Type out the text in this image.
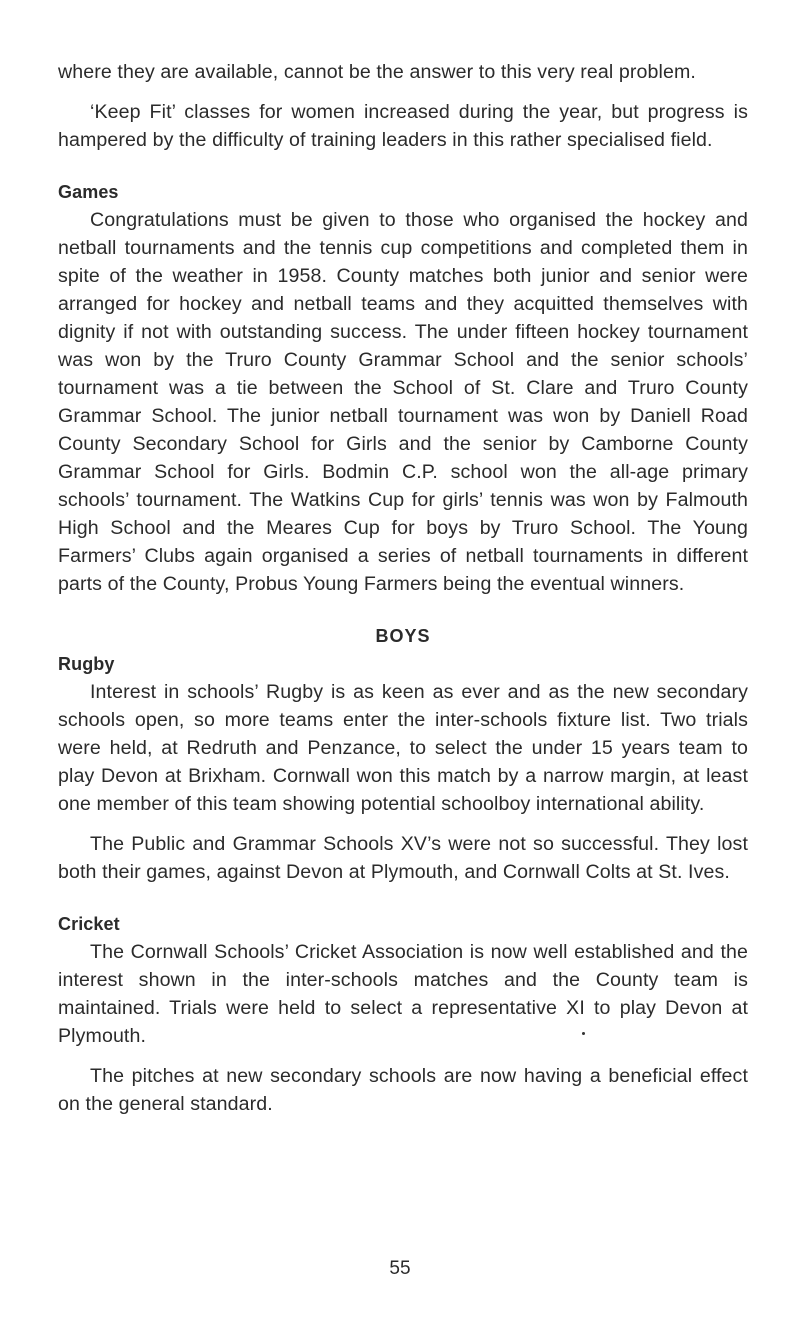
where they are available, cannot be the answer to this very real problem.

‘Keep Fit’ classes for women increased during the year, but progress is hampered by the difficulty of training leaders in this rather specialised field.

Games

Congratulations must be given to those who organised the hockey and netball tournaments and the tennis cup competitions and completed them in spite of the weather in 1958. County matches both junior and senior were arranged for hockey and netball teams and they acquitted themselves with dignity if not with outstanding success. The under fifteen hockey tournament was won by the Truro County Grammar School and the senior schools’ tournament was a tie between the School of St. Clare and Truro County Grammar School. The junior netball tournament was won by Daniell Road County Secondary School for Girls and the senior by Camborne County Grammar School for Girls. Bodmin C.P. school won the all-age primary schools’ tournament. The Watkins Cup for girls’ tennis was won by Falmouth High School and the Meares Cup for boys by Truro School. The Young Farmers’ Clubs again organised a series of netball tournaments in different parts of the County, Probus Young Farmers being the eventual winners.

BOYS
Rugby

Interest in schools’ Rugby is as keen as ever and as the new secondary schools open, so more teams enter the inter-schools fixture list. Two trials were held, at Redruth and Penzance, to select the under 15 years team to play Devon at Brixham. Cornwall won this match by a narrow margin, at least one member of this team showing potential schoolboy international ability.

The Public and Grammar Schools XV’s were not so successful. They lost both their games, against Devon at Plymouth, and Cornwall Colts at St. Ives.

Cricket

The Cornwall Schools’ Cricket Association is now well established and the interest shown in the inter-schools matches and the County team is maintained. Trials were held to select a representative XI to play Devon at Plymouth.

The pitches at new secondary schools are now having a beneficial effect on the general standard.

55
